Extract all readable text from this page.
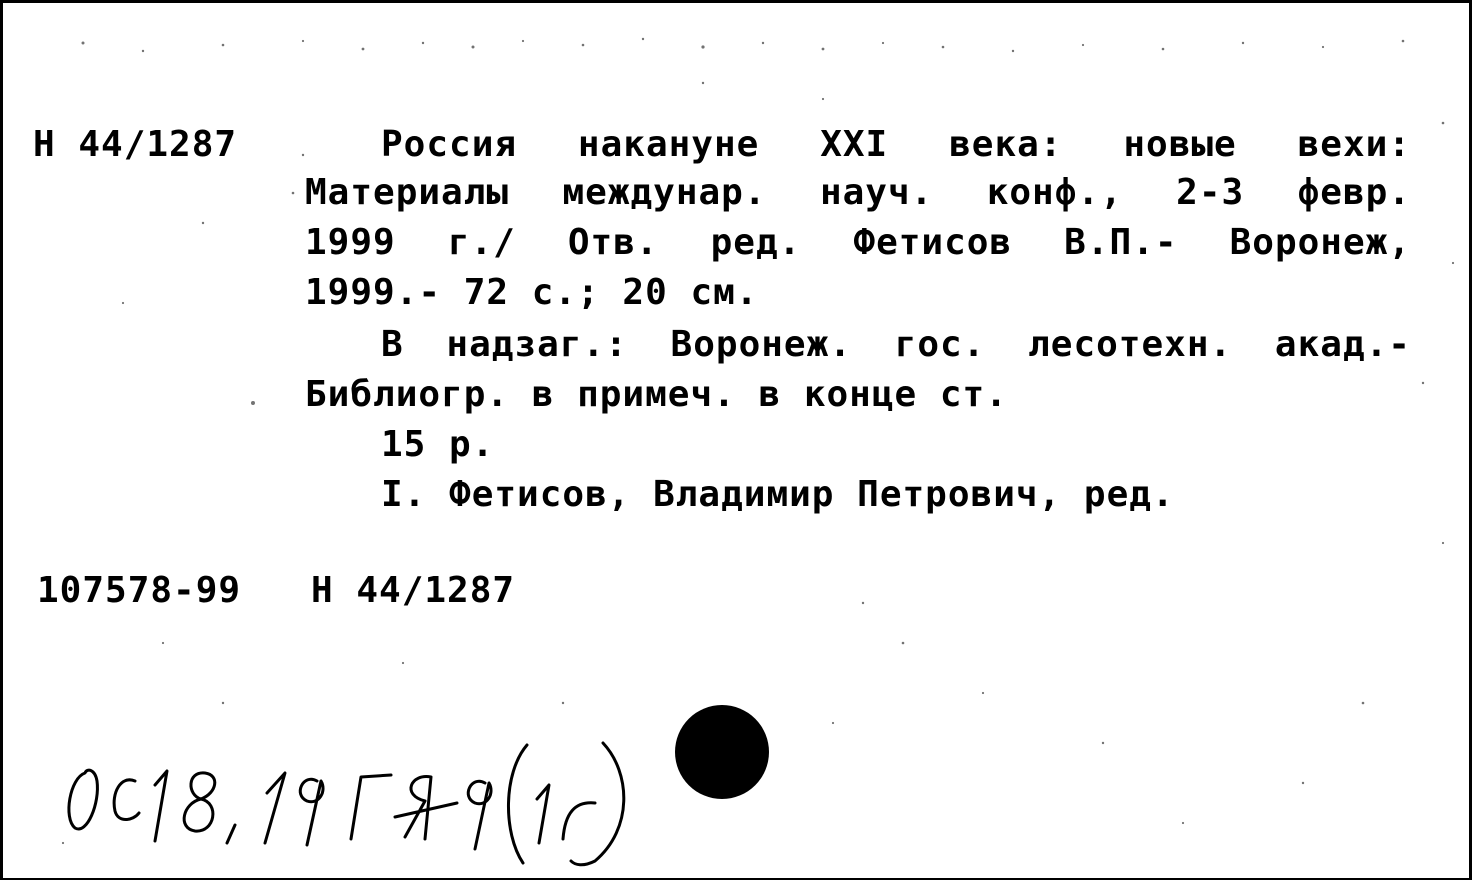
Н 44/1287	Россия накануне XXI века: новые вехи:
Материалы междунар. науч. конф., 2-3 февр.
1999 г./ Отв. ред. Фетисов В.П.- Воронеж,
1999.- 72 с.; 20 см.
В надзаг.: Воронеж. гос. лесотехн. акад.-
Библиогр. в примеч. в конце ст.
15 р.
I. Фетисов, Владимир Петрович, ред.
107578-99 Н 44/1287
